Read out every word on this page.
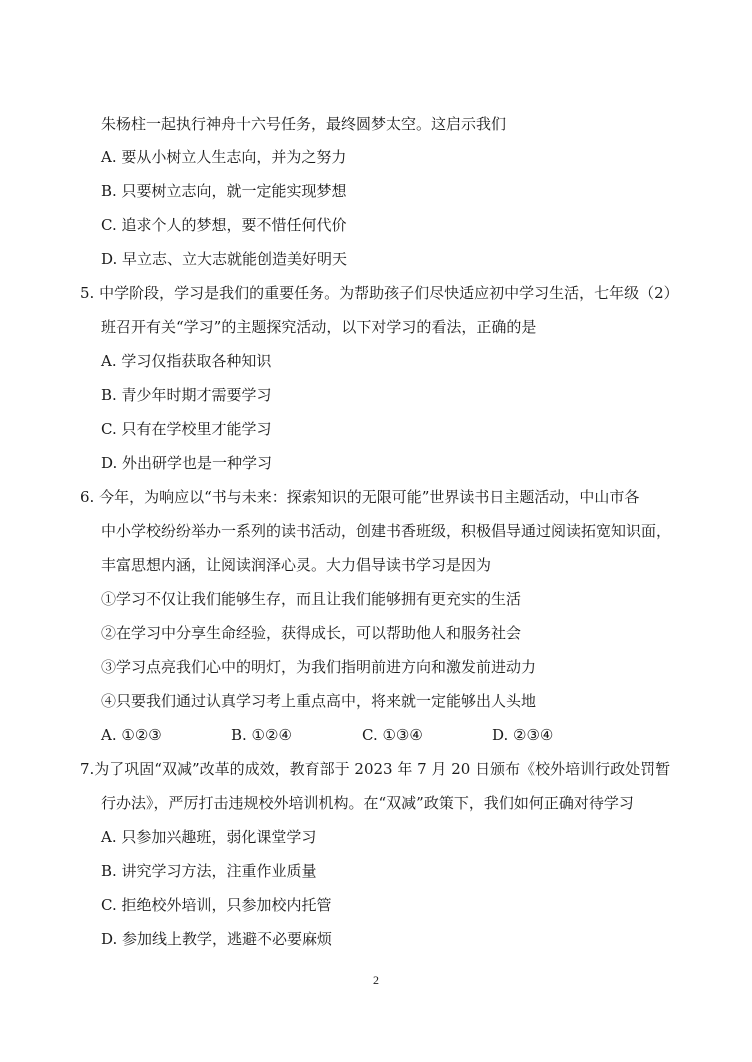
朱杨柱一起执行神舟十六号任务，最终圆梦太空。这启示我们
A. 要从小树立人生志向，并为之努力
B. 只要树立志向，就一定能实现梦想
C. 追求个人的梦想，要不惜任何代价
D. 早立志、立大志就能创造美好明天
5. 中学阶段，学习是我们的重要任务。为帮助孩子们尽快适应初中学习生活，七年级（2）
班召开有关“学习”的主题探究活动，以下对学习的看法，正确的是
A. 学习仅指获取各种知识
B. 青少年时期才需要学习
C. 只有在学校里才能学习
D. 外出研学也是一种学习
6. 今年，为响应以“书与未来：探索知识的无限可能”世界读书日主题活动，中山市各
中小学校纷纷举办一系列的读书活动，创建书香班级，积极倡导通过阅读拓宽知识面，
丰富思想内涵，让阅读润泽心灵。大力倡导读书学习是因为
①学习不仅让我们能够生存，而且让我们能够拥有更充实的生活
②在学习中分享生命经验，获得成长，可以帮助他人和服务社会
③学习点亮我们心中的明灯，为我们指明前进方向和激发前进动力
④只要我们通过认真学习考上重点高中，将来就一定能够出人头地
A. ①②③	B. ①②④	C. ①③④	D. ②③④
7.为了巩固“双减”改革的成效，教育部于 2023 年 7 月 20 日颁布《校外培训行政处罚暂
行办法》，严厉打击违规校外培训机构。在“双减”政策下，我们如何正确对待学习
A. 只参加兴趣班，弱化课堂学习
B. 讲究学习方法，注重作业质量
C. 拒绝校外培训，只参加校内托管
D. 参加线上教学，逃避不必要麻烦
2
